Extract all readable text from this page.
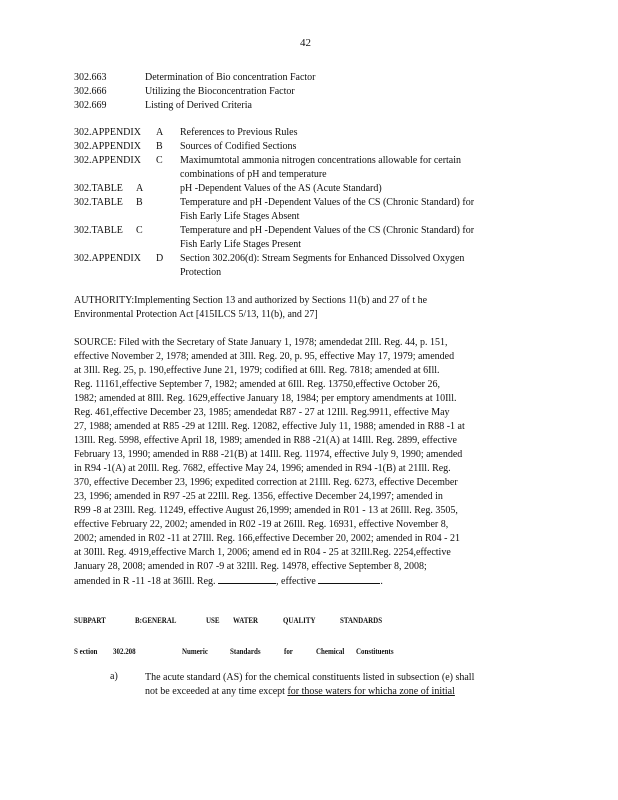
42
302.663	Determination of Bio concentration Factor
302.666	Utilizing the Bioconcentration Factor
302.669	Listing of Derived Criteria
302.APPENDIX A References to Previous Rules
302.APPENDIX B Sources of Codified Sections
302.APPENDIX C Maximumtotal ammonia nitrogen concentrations allowable for certain
combinations of pH and temperature
302.TABLE A	pH -Dependent Values of the AS (Acute Standard)
302.TABLE B	Temperature and pH -Dependent Values of the CS (Chronic Standard) for
Fish Early Life Stages Absent
302.TABLE C	Temperature and pH -Dependent Values of the CS (Chronic Standard) for
Fish Early Life Stages Present
302.APPENDIX D Section 302.206(d): Stream Segments for Enhanced Dissolved Oxygen
Protection
AUTHORITY:Implementing Section 13 and authorized by Sections 11(b) and 27 of t he
Environmental Protection Act [415ILCS 5/13, 11(b), and 27]
SOURCE: Filed with the Secretary of State January 1, 1978; amendedat 2Ill. Reg. 44, p. 151,
effective November 2, 1978; amended at 3Ill. Reg. 20, p. 95, effective May 17, 1979; amended
at 3Ill. Reg. 25, p. 190,effective June 21, 1979; codified at 6Ill. Reg. 7818; amended at 6Ill.
Reg. 11161,effective September 7, 1982; amended at 6Ill. Reg. 13750,effective October 26,
1982; amended at 8Ill. Reg. 1629,effective January 18, 1984; per emptory amendments at 10Ill.
Reg. 461,effective December 23, 1985; amendedat R87 - 27 at 12Ill. Reg.9911, effective May
27, 1988; amended at R85 -29 at 12Ill. Reg. 12082, effective July 11, 1988; amended in R88 -1 at
13Ill. Reg. 5998, effective April 18, 1989; amended in R88 -21(A) at 14Ill. Reg. 2899, effective
February 13, 1990; amended in R88 -21(B) at 14Ill. Reg. 11974, effective July 9, 1990; amended
in R94 -1(A) at 20Ill. Reg. 7682, effective May 24, 1996; amended in R94 -1(B) at 21Ill. Reg.
370, effective December 23, 1996; expedited correction at 21Ill. Reg. 6273, effective December
23, 1996; amended in R97 -25 at 22Ill. Reg. 1356, effective December 24,1997; amended in
R99 -8 at 23Ill. Reg. 11249, effective August 26,1999; amended in R01 - 13 at 26Ill. Reg. 3505,
effective February 22, 2002; amended in R02 -19 at 26Ill. Reg. 16931, effective November 8,
2002; amended in R02 -11 at 27Ill. Reg. 166,effective December 20, 2002; amended in R04 - 21
at 30Ill. Reg. 4919,effective March 1, 2006; amend ed in R04 - 25 at 32Ill.Reg. 2254,effective
January 28, 2008; amended in R07 -9 at 32Ill. Reg. 14978, effective September 8, 2008;
amended in R -11 -18 at 36Ill. Reg.	, effective	.
SUBPART	B:GENERAL	USE WATER	QUALITY	STANDARDS
S ection 302.208	Numeric	Standards	for	Chemical Constituents
a)	The acute standard (AS) for the chemical constituents listed in subsection (e) shall
not be exceeded at any time except for those waters for whicha zone of initial
